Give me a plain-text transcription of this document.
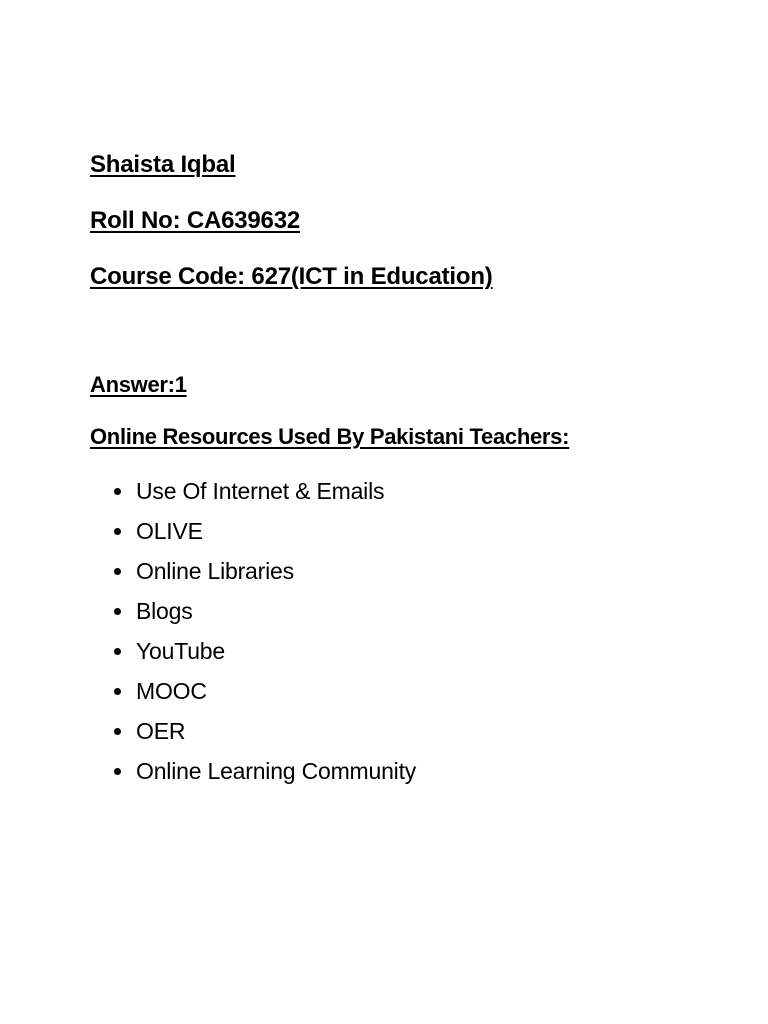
Shaista Iqbal
Roll No: CA639632
Course Code: 627(ICT in Education)
Answer:1
Online Resources Used By Pakistani Teachers:
Use Of Internet & Emails
OLIVE
Online Libraries
Blogs
YouTube
MOOC
OER
Online Learning Community
